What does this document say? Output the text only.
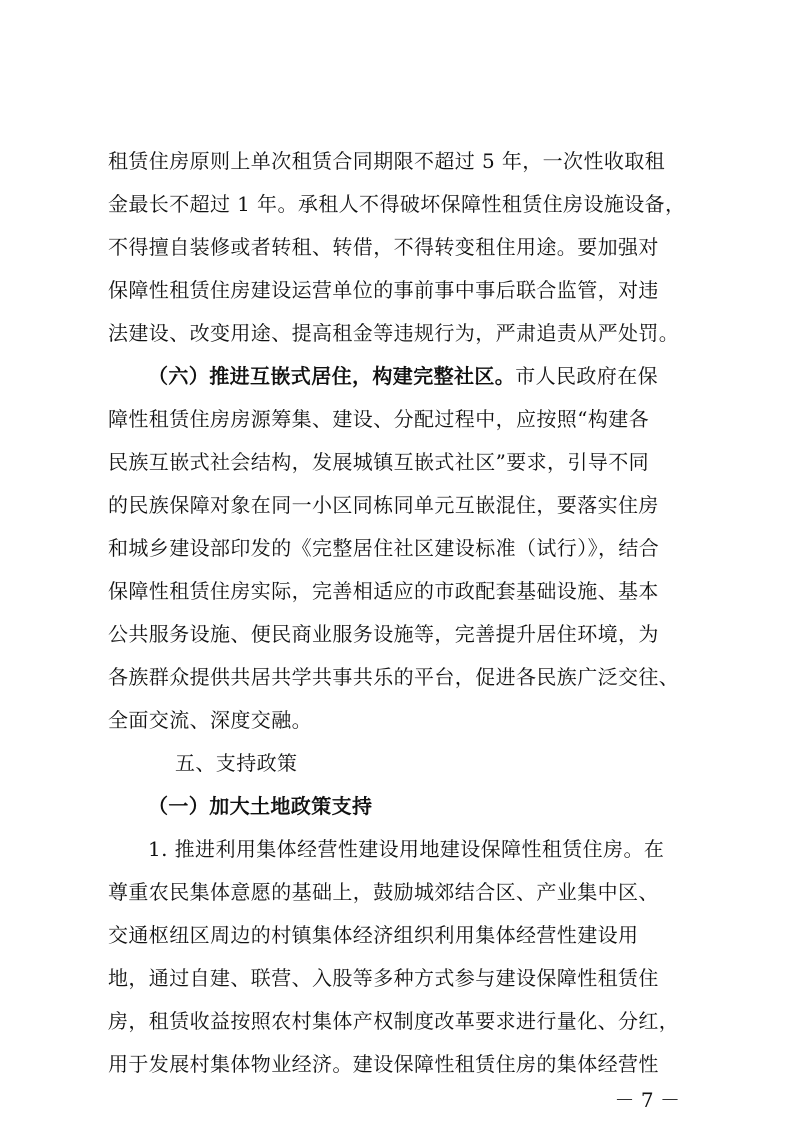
租赁住房原则上单次租赁合同期限不超过 5 年，一次性收取租
金最长不超过 1 年。承租人不得破坏保障性租赁住房设施设备，
不得擅自装修或者转租、转借，不得转变租住用途。要加强对
保障性租赁住房建设运营单位的事前事中事后联合监管，对违
法建设、改变用途、提高租金等违规行为，严肃追责从严处罚。
（六）推进互嵌式居住，构建完整社区。市人民政府在保
障性租赁住房房源筹集、建设、分配过程中，应按照“构建各
民族互嵌式社会结构，发展城镇互嵌式社区”要求，引导不同
的民族保障对象在同一小区同栋同单元互嵌混住，要落实住房
和城乡建设部印发的《完整居住社区建设标准（试行）》，结合
保障性租赁住房实际，完善相适应的市政配套基础设施、基本
公共服务设施、便民商业服务设施等，完善提升居住环境，为
各族群众提供共居共学共事共乐的平台，促进各民族广泛交往、
全面交流、深度交融。
五、支持政策
（一）加大土地政策支持
1. 推进利用集体经营性建设用地建设保障性租赁住房。在
尊重农民集体意愿的基础上，鼓励城郊结合区、产业集中区、
交通枢纽区周边的村镇集体经济组织利用集体经营性建设用
地，通过自建、联营、入股等多种方式参与建设保障性租赁住
房，租赁收益按照农村集体产权制度改革要求进行量化、分红，
用于发展村集体物业经济。建设保障性租赁住房的集体经营性
－ 7 －
